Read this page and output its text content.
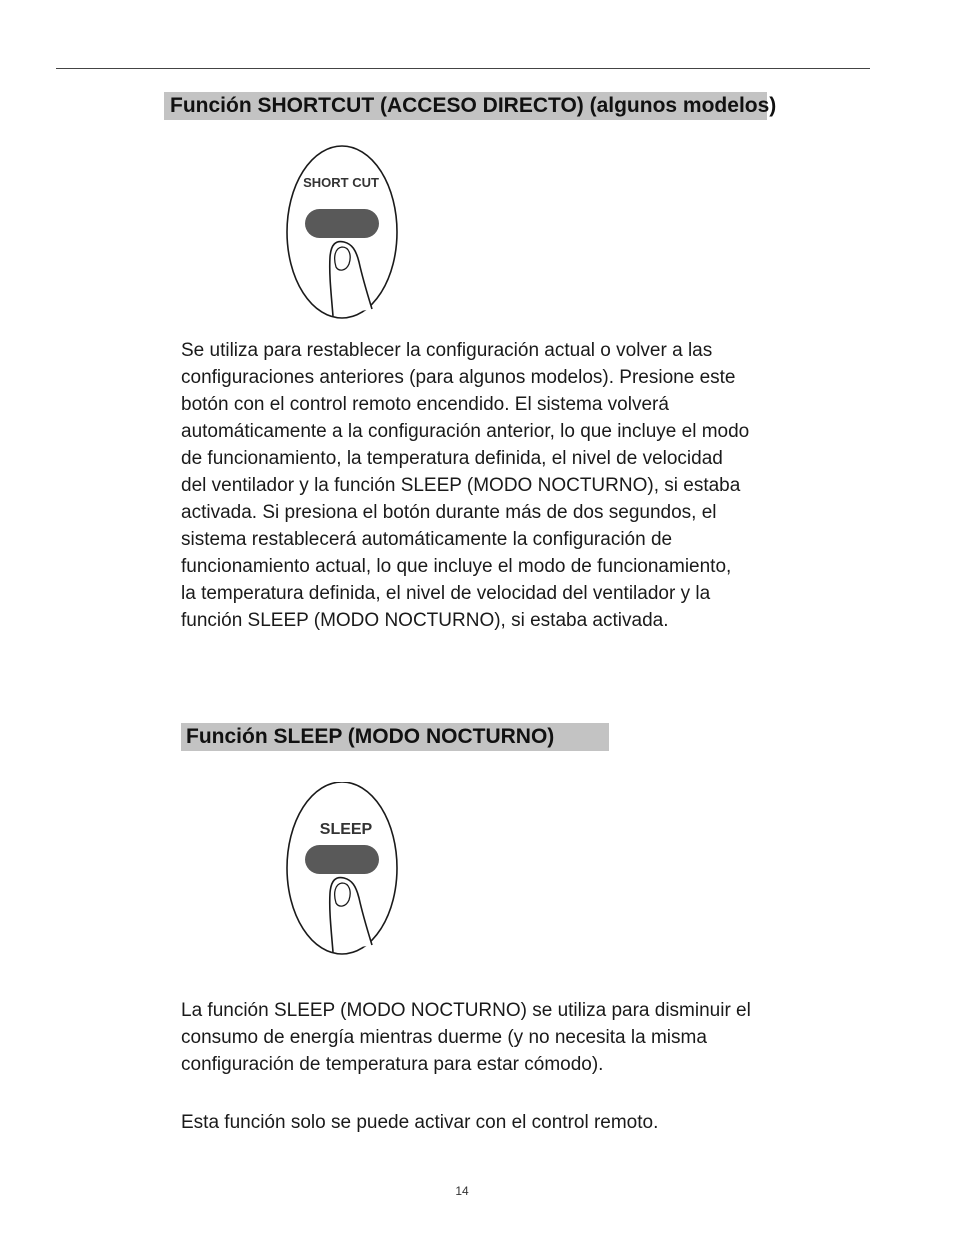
Función SHORTCUT (ACCESO DIRECTO) (algunos modelos)
SHORT CUT
Se utiliza para restablecer la configuración actual o volver a las configuraciones anteriores (para algunos modelos). Presione este botón con el control remoto encendido. El sistema volverá automáticamente a la configuración anterior, lo que incluye el modo de funcionamiento, la temperatura definida, el nivel de velocidad del ventilador y la función SLEEP (MODO NOCTURNO), si estaba activada. Si presiona el botón durante más de dos segundos, el sistema restablecerá automáticamente la configuración de funcionamiento actual, lo que incluye el modo de funcionamiento, la temperatura definida, el nivel de velocidad del ventilador y la función SLEEP (MODO NOCTURNO), si estaba activada.
Función SLEEP (MODO NOCTURNO)
SLEEP
La función SLEEP (MODO NOCTURNO) se utiliza para disminuir el consumo de energía mientras duerme (y no necesita la misma configuración de temperatura para estar cómodo).
Esta función solo se puede activar con el control remoto.
14
